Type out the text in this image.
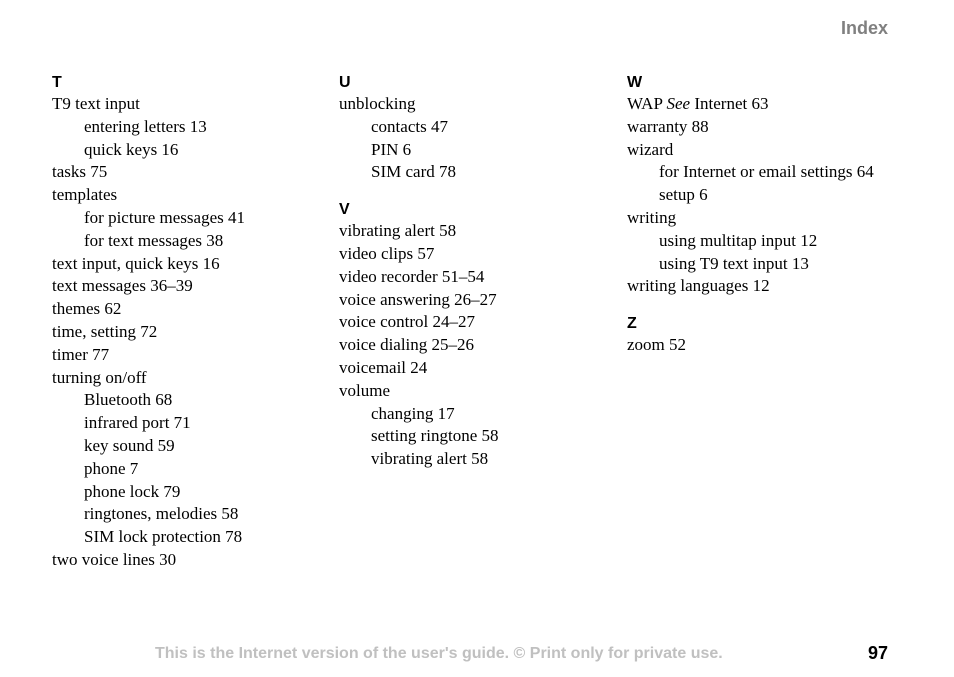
Index
T
T9 text input
entering letters 13
quick keys 16
tasks 75
templates
for picture messages 41
for text messages 38
text input, quick keys 16
text messages 36–39
themes 62
time, setting 72
timer 77
turning on/off
Bluetooth 68
infrared port 71
key sound 59
phone 7
phone lock 79
ringtones, melodies 58
SIM lock protection 78
two voice lines 30
U
unblocking
contacts 47
PIN 6
SIM card 78
V
vibrating alert 58
video clips 57
video recorder 51–54
voice answering 26–27
voice control 24–27
voice dialing 25–26
voicemail 24
volume
changing 17
setting ringtone 58
vibrating alert 58
W
WAP See Internet 63
warranty 88
wizard
for Internet or email settings 64
setup 6
writing
using multitap input 12
using T9 text input 13
writing languages 12
Z
zoom 52
This is the Internet version of the user's guide. © Print only for private use.	97
